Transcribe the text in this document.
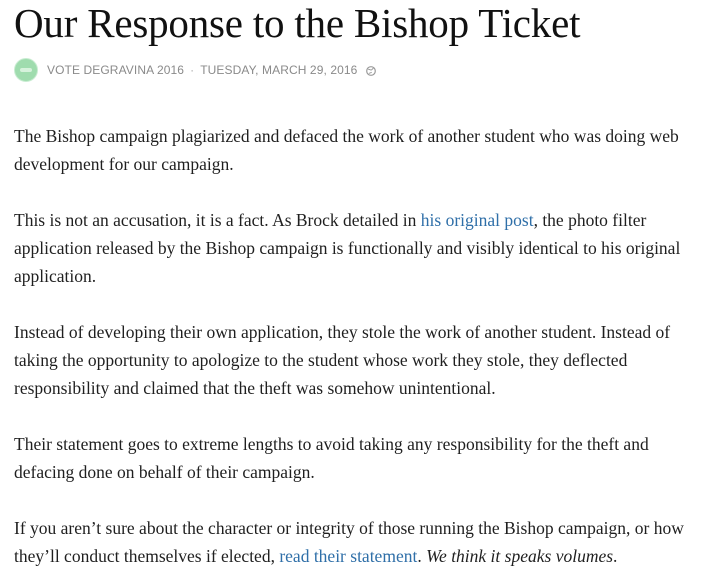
Our Response to the Bishop Ticket
VOTE DEGRAVINA 2016 · TUESDAY, MARCH 29, 2016

The Bishop campaign plagiarized and defaced the work of another student who was doing web development for our campaign.

This is not an accusation, it is a fact. As Brock detailed in his original post, the photo filter application released by the Bishop campaign is functionally and visibly identical to his original application.

Instead of developing their own application, they stole the work of another student. Instead of taking the opportunity to apologize to the student whose work they stole, they deflected responsibility and claimed that the theft was somehow unintentional.

Their statement goes to extreme lengths to avoid taking any responsibility for the theft and defacing done on behalf of their campaign.

If you aren’t sure about the character or integrity of those running the Bishop campaign, or how they’ll conduct themselves if elected, read their statement. We think it speaks volumes.
